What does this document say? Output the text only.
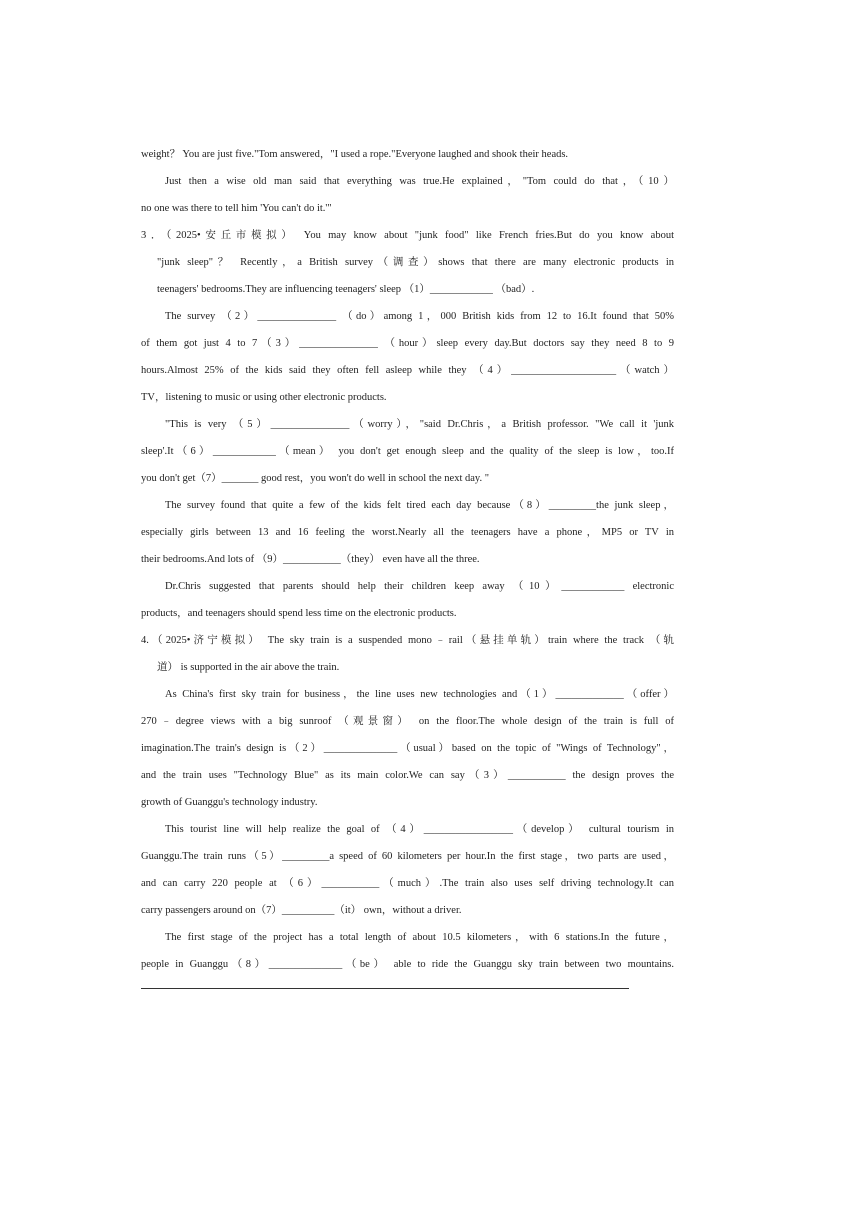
weight？ You are just five."Tom answered，"I used a rope."Everyone laughed and shook their heads.
Just then a wise old man said that everything was true.He explained，"Tom could do that，（10）
no one was there to tell him 'You can't do it.'"
3．（2025•安丘市模拟） You may know about "junk food" like French fries.But do you know about
"junk sleep"？ Recently，a British survey（调查）shows that there are many electronic products in
teenagers' bedrooms.They are influencing teenagers' sleep （1）____________ （bad）.
The survey （2）_______________ （do）among 1，000 British kids from 12 to 16.It found that 50%
of them got just 4 to 7（3）_______________ （hour）sleep every day.But doctors say they need 8 to 9
hours.Almost 25% of the kids said they often fell asleep while they （4）____________________（watch）
TV，listening to music or using other electronic products.
"This is very （5）_______________（worry），"said Dr.Chris，a British professor. "We call it 'junk
sleep'.It（6）____________（mean） you don't get enough sleep and the quality of the sleep is low，too.If
you don't get（7）_______ good rest，you won't do well in school the next day. "
The survey found that quite a few of the kids felt tired each day because（8）_________the junk sleep，
especially girls between 13 and 16 feeling the worst.Nearly all the teenagers have a phone，MP5 or TV in
their bedrooms.And lots of （9）___________（they） even have all the three.
Dr.Chris suggested that parents should help their children keep away （10）____________ electronic
products，and teenagers should spend less time on the electronic products.
4.（2025•济宁模拟） The sky train is a suspended mono﹣rail（悬挂单轨）train where the track （轨
道） is supported in the air above the train.
As China's first sky train for business，the line uses new technologies and（1）_____________（offer）
270﹣degree views with a big sunroof （观景窗） on the floor.The whole design of the train is full of
imagination.The train's design is（2）______________（usual）based on the topic of "Wings of Technology"，
and the train uses "Technology Blue" as its main color.We can say（3）___________ the design proves the
growth of Guanggu's technology industry.
This tourist line will help realize the goal of （4）_________________（develop） cultural tourism in
Guanggu.The train runs（5）_________a speed of 60 kilometers per hour.In the first stage，two parts are used，
and can carry 220 people at （6）___________（much）.The train also uses self driving technology.It can
carry passengers around on（7）__________（it） own，without a driver.
The first stage of the project has a total length of about 10.5 kilometers，with 6 stations.In the future，
people in Guanggu（8）______________（be） able to ride the Guanggu sky train between two mountains.
